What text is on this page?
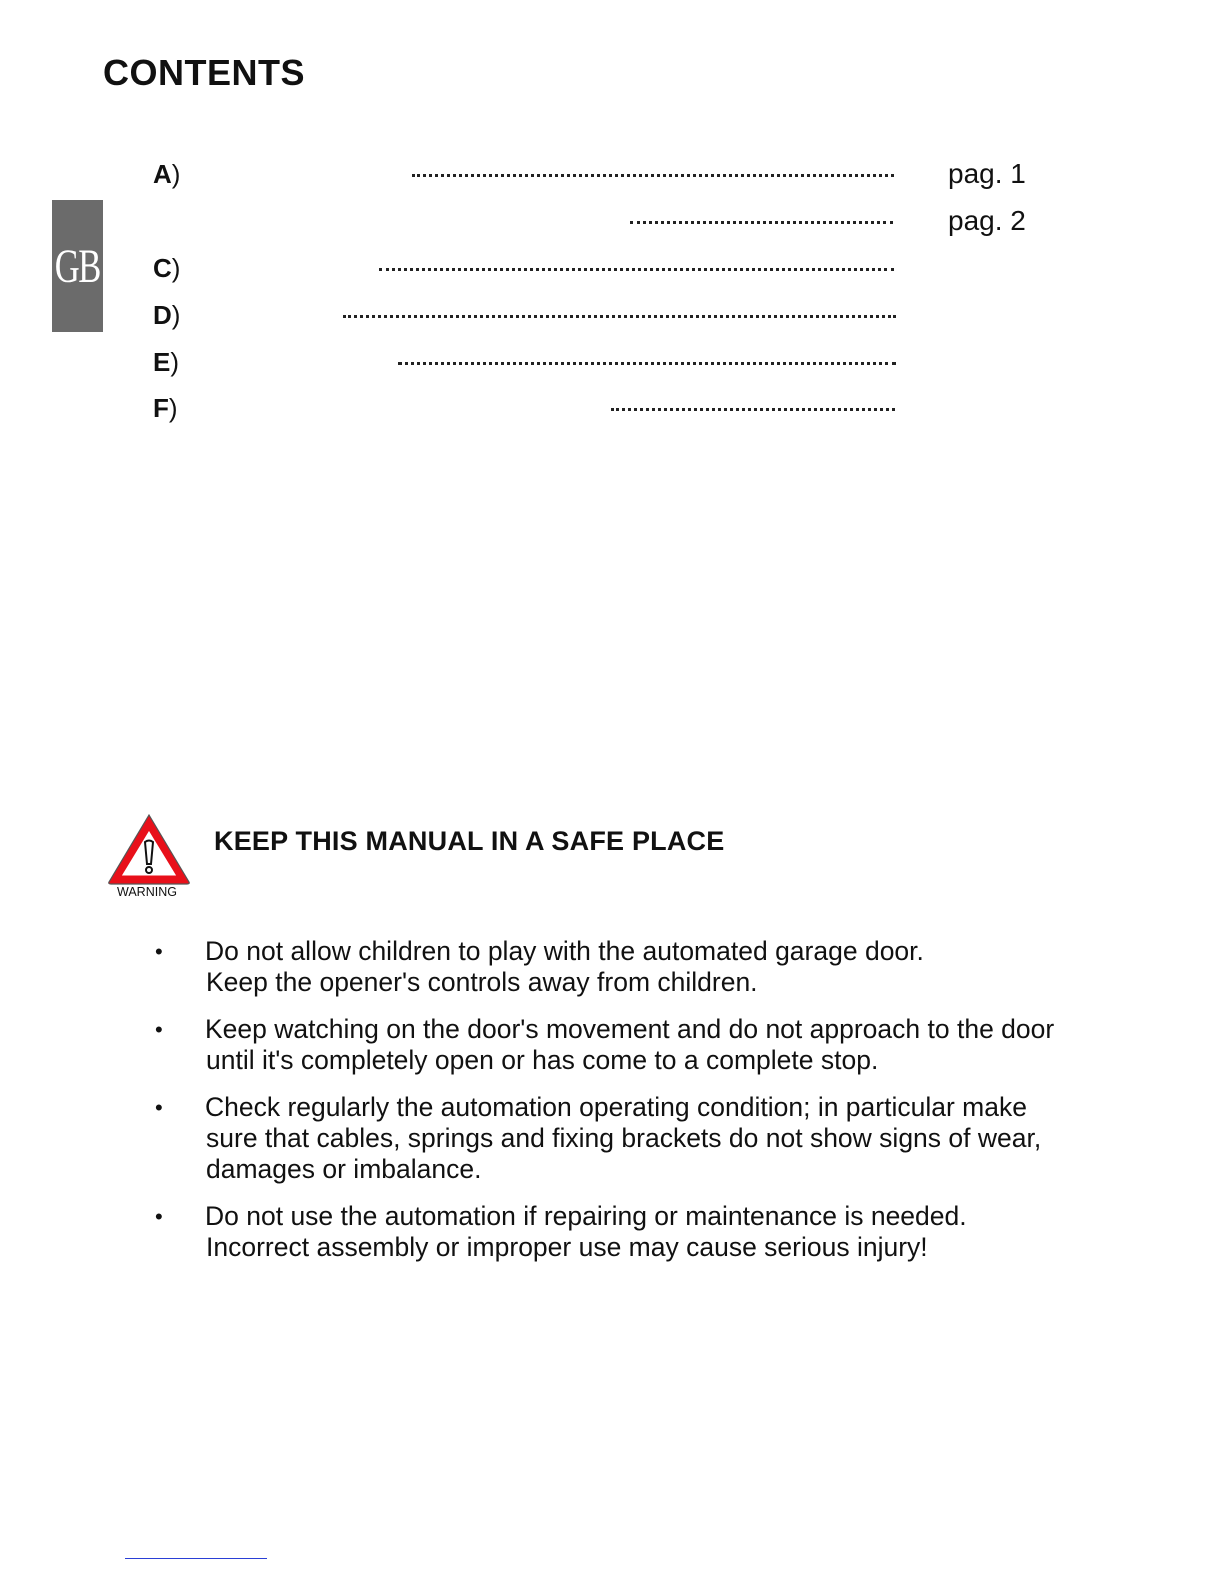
CONTENTS
GB
A)	pag. 1
pag. 2
C)
D)
E)
F)
WARNING
KEEP THIS MANUAL IN A SAFE PLACE
• Do not allow children to play with the automated garage door.
Keep the opener's controls away from children.
• Keep watching on the door's movement and do not approach to the door
until it's completely open or has come to a complete stop.
• Check regularly the automation operating condition; in particular make
sure that cables, springs and fixing brackets do not show signs of wear,
damages or imbalance.
• Do not use the automation if repairing or maintenance is needed.
Incorrect assembly or improper use may cause serious injury!
